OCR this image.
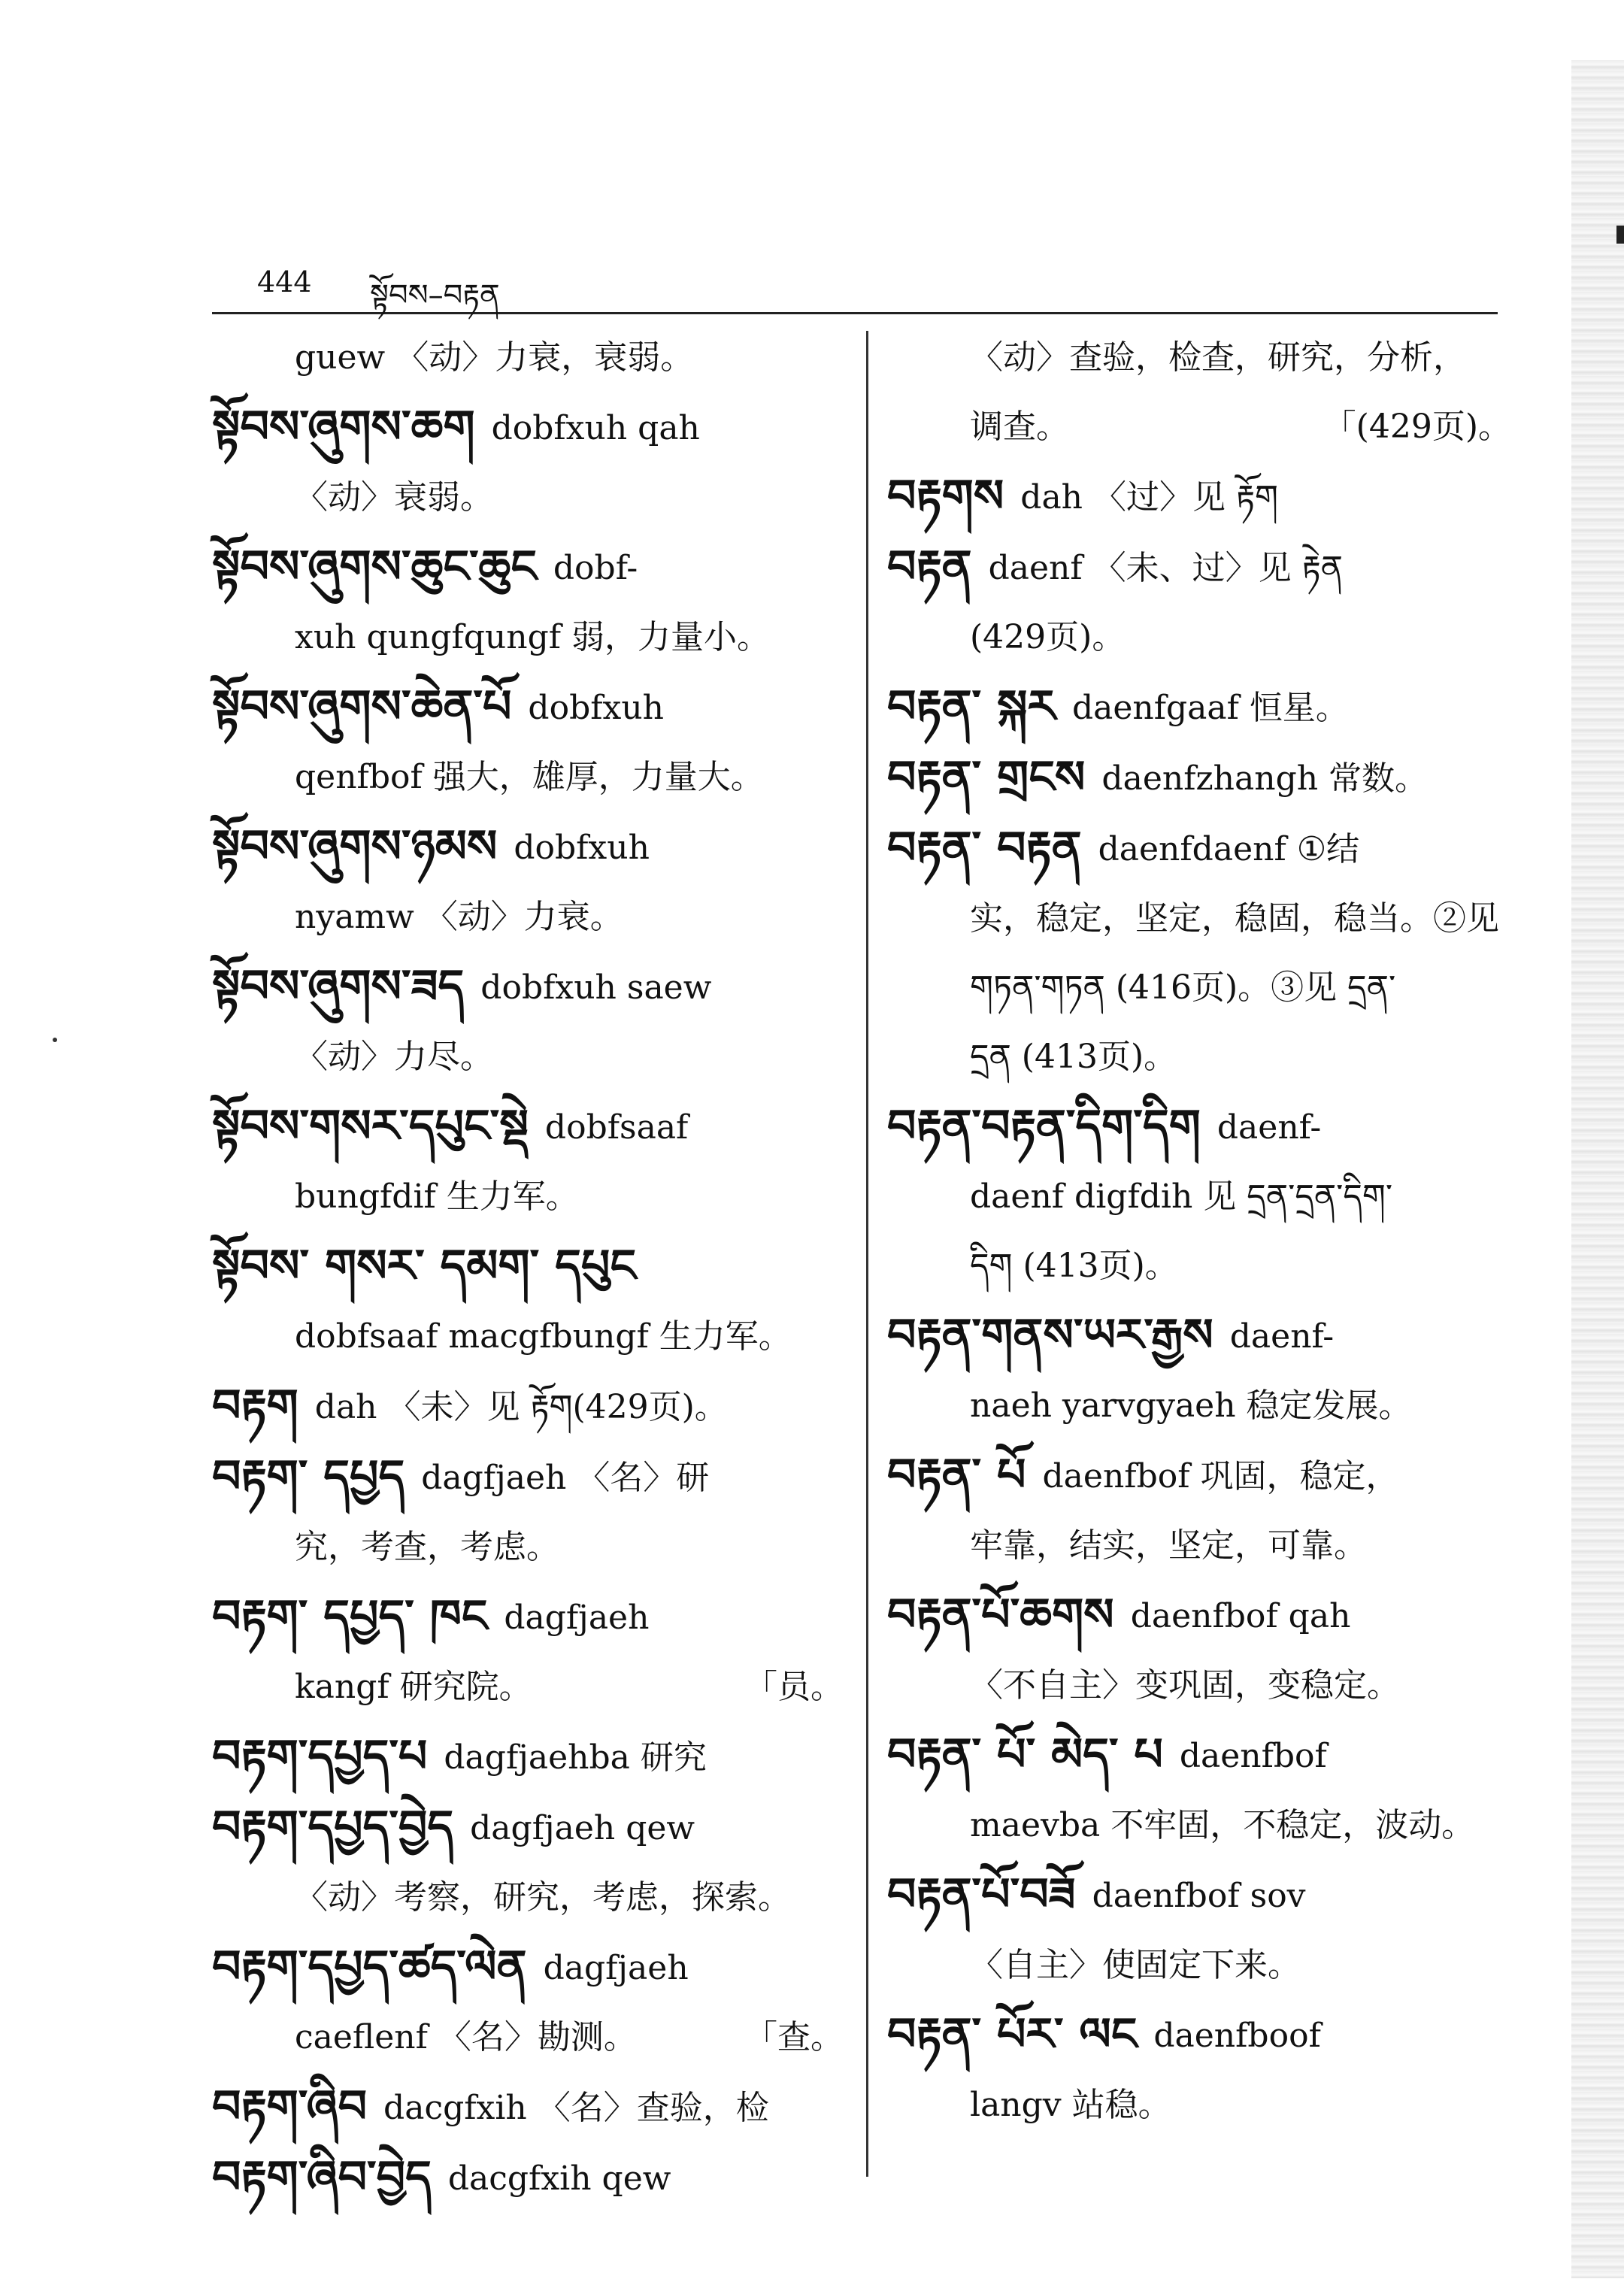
444 སྟོབས–བརྟན
guew 〈动〉力衰，衰弱。
སྟོབས་ཞུགས་ཆག dobfxuh qah
〈动〉衰弱。
སྟོབས་ཞུགས་ཆུང་ཆུང dobf-
xuh qungfqungf 弱，力量小。
སྟོབས་ཞུགས་ཆེན་པོ dobfxuh
qenfbof 强大，雄厚，力量大。
སྟོབས་ཞུགས་ཉམས dobfxuh
nyamw 〈动〉力衰。
སྟོབས་ཞུགས་ཟད dobfxuh saew
〈动〉力尽。
སྟོབས་གསར་དཔུང་སྡེ dobfsaaf
bungfdif 生力军。
སྟོབས་ གསར་ དམག་ དཔུང
dobfsaaf macgfbungf 生力军。
བརྟག dah 〈未〉见 རྟོག(429页)。
བརྟག་ དཔྱད dagfjaeh 〈名〉研
究，考查，考虑。
བརྟག་ དཔྱད་ ཁང dagfjaeh
kangf 研究院。	「员。
བརྟག་དཔྱད་པ dagfjaehba 研究
བརྟག་དཔྱད་བྱེད dagfjaeh qew
〈动〉考察，研究，考虑，探索。
བརྟག་དཔྱད་ཚད་ལེན dagfjaeh
caeflenf 〈名〉勘测。	「查。
བརྟག་ཞིབ dacgfxih 〈名〉查验，检
བརྟག་ཞིབ་བྱེད dacgfxih qew
〈动〉查验，检查，研究，分析，
调查。	「(429页)。
བརྟགས dah 〈过〉见 རྟོག
བརྟན daenf 〈未、过〉见 རྟེན
(429页)。
བརྟན་ སྐར daenfgaaf 恒星。
བརྟན་ གྲངས daenfzhangh 常数。
བརྟན་ བརྟན daenfdaenf ①结
实，稳定，坚定，稳固，稳当。②见
གཏན་གཏན (416页)。③见 དྲན་
དྲན (413页)。
བརྟན་བརྟན་དིག་དིག daenf-
daenf digfdih 见 དྲན་དྲན་དིག་
དིག (413页)。
བརྟན་གནས་ཡར་རྒྱས daenf-
naeh yarvgyaeh 稳定发展。
བརྟན་ པོ daenfbof 巩固，稳定，
牢靠，结实，坚定，可靠。
བརྟན་པོ་ཆགས daenfbof qah
〈不自主〉变巩固，变稳定。
བརྟན་ པོ་ མེད་ པ daenfbof
maevba 不牢固，不稳定，波动。
བརྟན་པོ་བཟོ daenfbof sov
〈自主〉使固定下来。
བརྟན་ པོར་ ལང daenfboof
langv 站稳。
